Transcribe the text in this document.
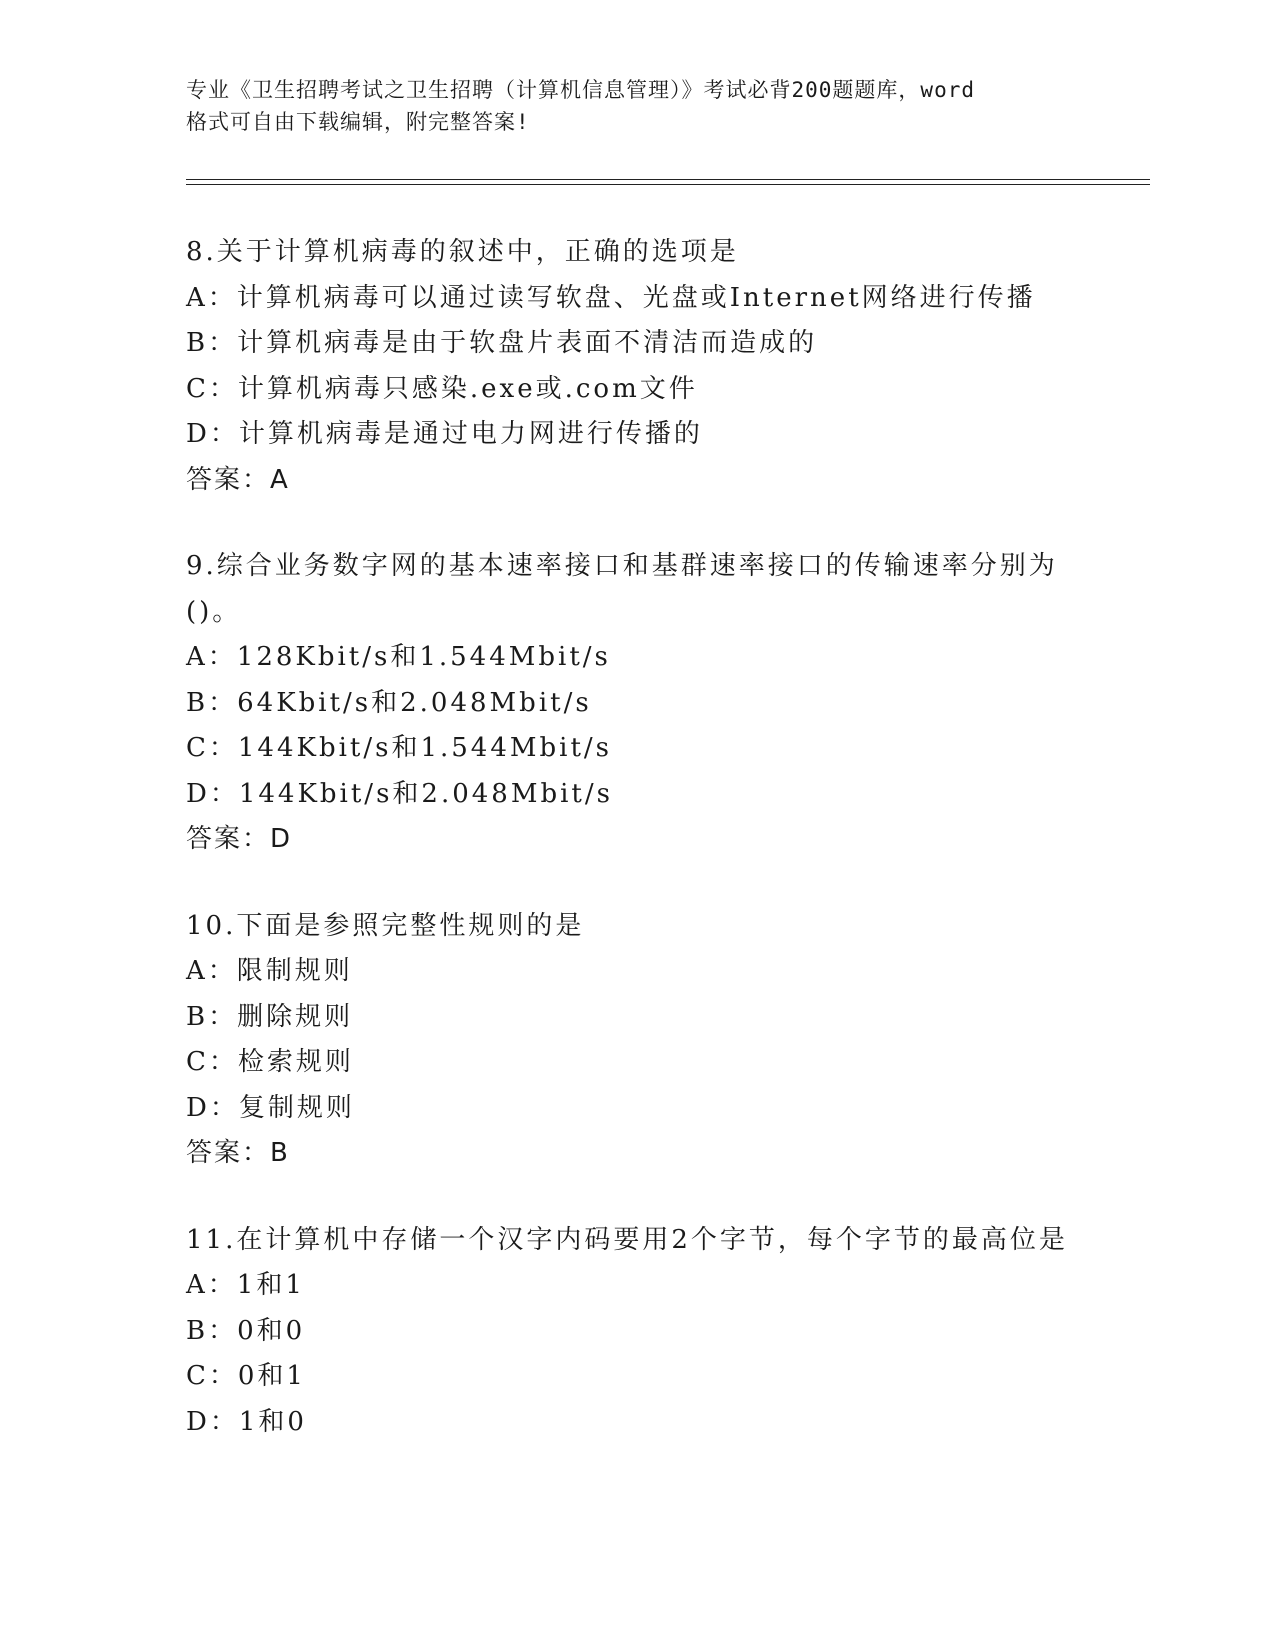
专业《卫生招聘考试之卫生招聘（计算机信息管理）》考试必背200题题库，word
格式可自由下载编辑，附完整答案!
8.关于计算机病毒的叙述中，正确的选项是
A：计算机病毒可以通过读写软盘、光盘或Internet网络进行传播
B：计算机病毒是由于软盘片表面不清洁而造成的
C：计算机病毒只感染.exe或.com文件
D：计算机病毒是通过电力网进行传播的
答案：A
9.综合业务数字网的基本速率接口和基群速率接口的传输速率分别为()。
A：128Kbit/s和1.544Mbit/s
B：64Kbit/s和2.048Mbit/s
C：144Kbit/s和1.544Mbit/s
D：144Kbit/s和2.048Mbit/s
答案：D
10.下面是参照完整性规则的是
A：限制规则
B：删除规则
C：检索规则
D：复制规则
答案：B
11.在计算机中存储一个汉字内码要用2个字节，每个字节的最高位是
A：1和1
B：0和0
C：0和1
D：1和0
